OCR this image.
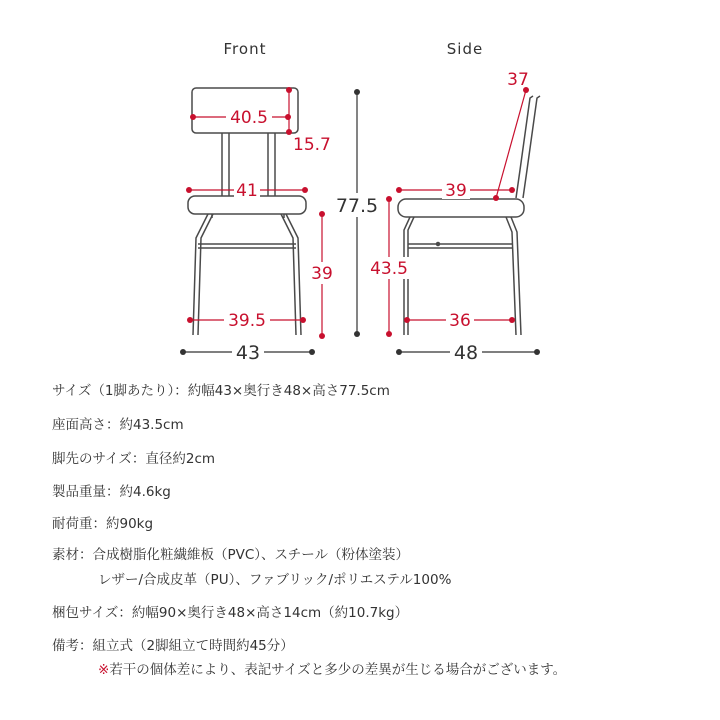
Front	Side
40.5
15.7
41
39.5
39
43
77.5
37
39
43.5
36
48
サイズ（1脚あたり）：約幅43×奥行き48×高さ77.5cm
座面高さ：約43.5cm
脚先のサイズ：直径約2cm
製品重量：約4.6kg
耐荷重：約90kg
素材：合成樹脂化粧繊維板（PVC）、スチール（粉体塗装）
レザー/合成皮革（PU）、ファブリック/ポリエステル100%
梱包サイズ：約幅90×奥行き48×高さ14cm（約10.7kg）
備考：組立式（2脚組立て時間約45分）
※若干の個体差により、表記サイズと多少の差異が生じる場合がございます。
